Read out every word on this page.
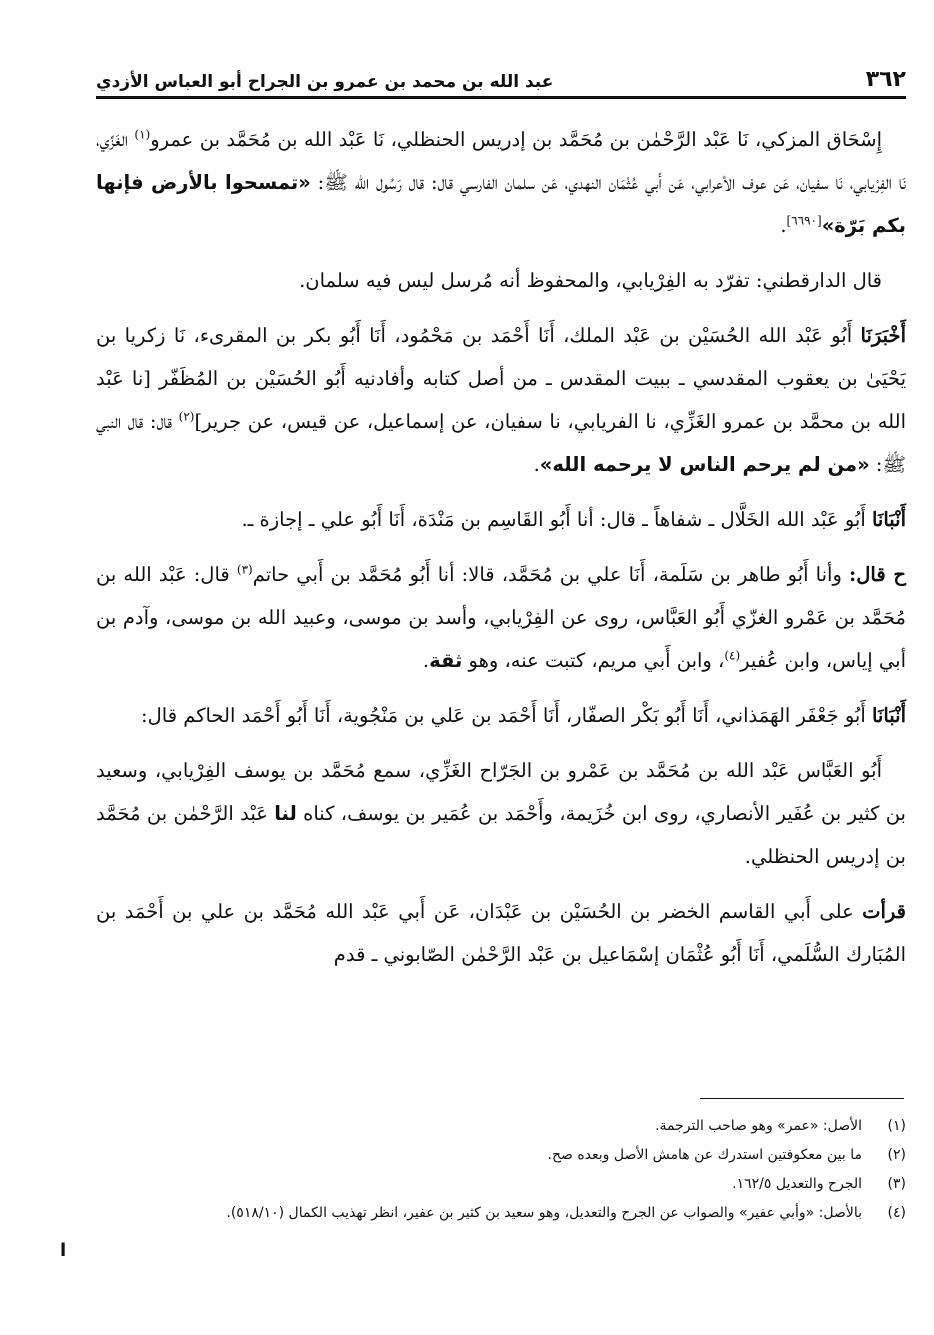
٣٦٢
عبد الله بن محمد بن عمرو بن الجراح أبو العباس الأزدي

إِسْحَاق المزكي، نَا عَبْد الرَّحْمٰن بن مُحَمَّد بن إدريس الحنظلي، نَا عَبْد الله بن مُحَمَّد بن عمرو$^{(١)}$ الغَزِّي، نَا الفِرْيابي، نَا سفيان، عَن عوف الأعرابي، عَن أَبي عُثْمَان النهدي، عَن سلمان الفارسي قال: قال رَسُول الله ﷺ: «تمسحوا بالأرض فإنها بكم بَرّة»[٦٦٩٠].

قال الدارقطني: تفرّد به الفِرْيابي، والمحفوظ أنه مُرسل ليس فيه سلمان.

أَخْبَرَنَا أَبُو عَبْد الله الحُسَيْن بن عَبْد الملك، أَنَا أَحْمَد بن مَحْمُود، أَنَا أَبُو بكر بن المقرىء، نَا زكريا بن يَحْيَىٰ بن يعقوب المقدسي ـ ببيت المقدس ـ من أصل كتابه وأفادنيه أَبُو الحُسَيْن بن المُظَفّر [نا عَبْد الله بن محمَّد بن عمرو الغَزِّي، نا الفريابي، نا سفيان، عن إسماعيل، عن قيس، عن جرير]$^{(٢)}$ قال: قال النبي ﷺ: «من لم يرحم الناس لا يرحمه الله».

أَنْبَانَا أَبُو عَبْد الله الخَلَّال ـ شفاهاً ـ قال: أنا أَبُو القَاسِم بن مَنْدَة، أَنَا أَبُو علي ـ إجازة ـ.

ح قال: وأنا أَبُو طاهر بن سَلَمة، أَنَا علي بن مُحَمَّد، قالا: أنا أَبُو مُحَمَّد بن أَبي حاتم$^{(٣)}$ قال: عَبْد الله بن مُحَمَّد بن عَمْرو الغزّي أَبُو العَبَّاس، روى عن الفِرْيابي، وأسد بن موسى، وعبيد الله بن موسى، وآدم بن أبي إياس، وابن عُفير$^{(٤)}$، وابن أَبي مريم، كتبت عنه، وهو ثقة.

أَنْبَانَا أَبُو جَعْفَر الهَمَذاني، أَنَا أَبُو بَكْر الصفّار، أَنَا أَحْمَد بن عَلي بن مَنْجُوية، أَنَا أَبُو أَحْمَد الحاكم قال:

أَبُو العَبَّاس عَبْد الله بن مُحَمَّد بن عَمْرو بن الجَرّاح الغَزِّي، سمع مُحَمَّد بن يوسف الفِرْيابي، وسعيد بن كثير بن عُفَير الأنصاري، روى ابن خُزَيمة، وأَحْمَد بن عُمَير بن يوسف، كناه لنا عَبْد الرَّحْمٰن بن مُحَمَّد بن إدريس الحنظلي.

قرأت على أَبي القاسم الخضر بن الحُسَيْن بن عَبْدَان، عَن أَبي عَبْد الله مُحَمَّد بن علي بن أَحْمَد بن المُبَارك السُّلَمي، أَنَا أَبُو عُثْمَان إسْمَاعيل بن عَبْد الرَّحْمٰن الصّابوني ـ قدم

(١)
الأصل: «عمر» وهو صاحب الترجمة.
(٢)
ما بين معكوفتين استدرك عن هامش الأصل وبعده صح.
(٣)
الجرح والتعديل ١٦٢/٥.
(٤)
بالأصل: «وأبي عفير» والصواب عن الجرح والتعديل، وهو سعيد بن كثير بن عفير، انظر تهذيب الكمال (٥١٨/١٠).
ا
